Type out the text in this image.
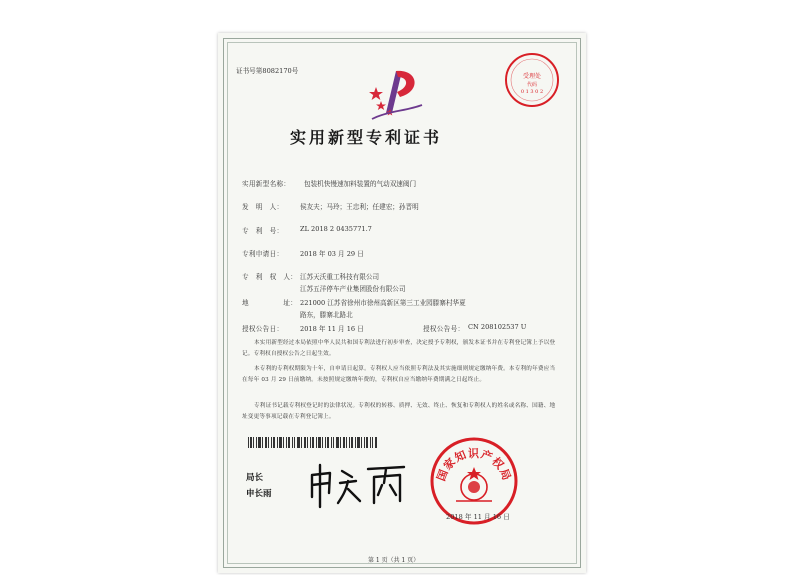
证书号第8082170号
受理处
代码
0 1 3 0 2
实用新型专利证书
实用新型名称： 包装机快慢速加料装置的气动双速阀门
发　明　人：	侯友夫；马玲；王忠利；任建宏；孙晋明
专　利　号：	ZL 2018 2 0435771.7
专利申请日：	2018 年 03 月 29 日
专　利　权　人： 江苏天沃重工科技有限公司
江苏五洋停车产业集团股份有限公司
地　　　　　址： 221000 江苏省徐州市徐州高新区第三工业园滕寨村华夏
路东，滕寨北路北
授权公告日：	2018 年 11 月 16 日	授权公告号： CN 208102537 U
本实用新型经过本局依照中华人民共和国专利法进行初步审查，决定授予专利权，颁发本证书并在专利登记簿上予以登记。专利权自授权公告之日起生效。
本专利的专利权期限为十年，自申请日起算。专利权人应当依照专利法及其实施细则规定缴纳年费。本专利的年费应当在每年 03 月 29 日前缴纳。未按照规定缴纳年费的，专利权自应当缴纳年费期满之日起终止。
专利证书记载专利权登记时的法律状况。专利权的转移、质押、无效、终止、恢复和专利权人的姓名或名称、国籍、地址变更等事项记载在专利登记簿上。
局长
申长雨
国家知识产权局
2018 年 11 月 16 日
第 1 页（共 1 页）
